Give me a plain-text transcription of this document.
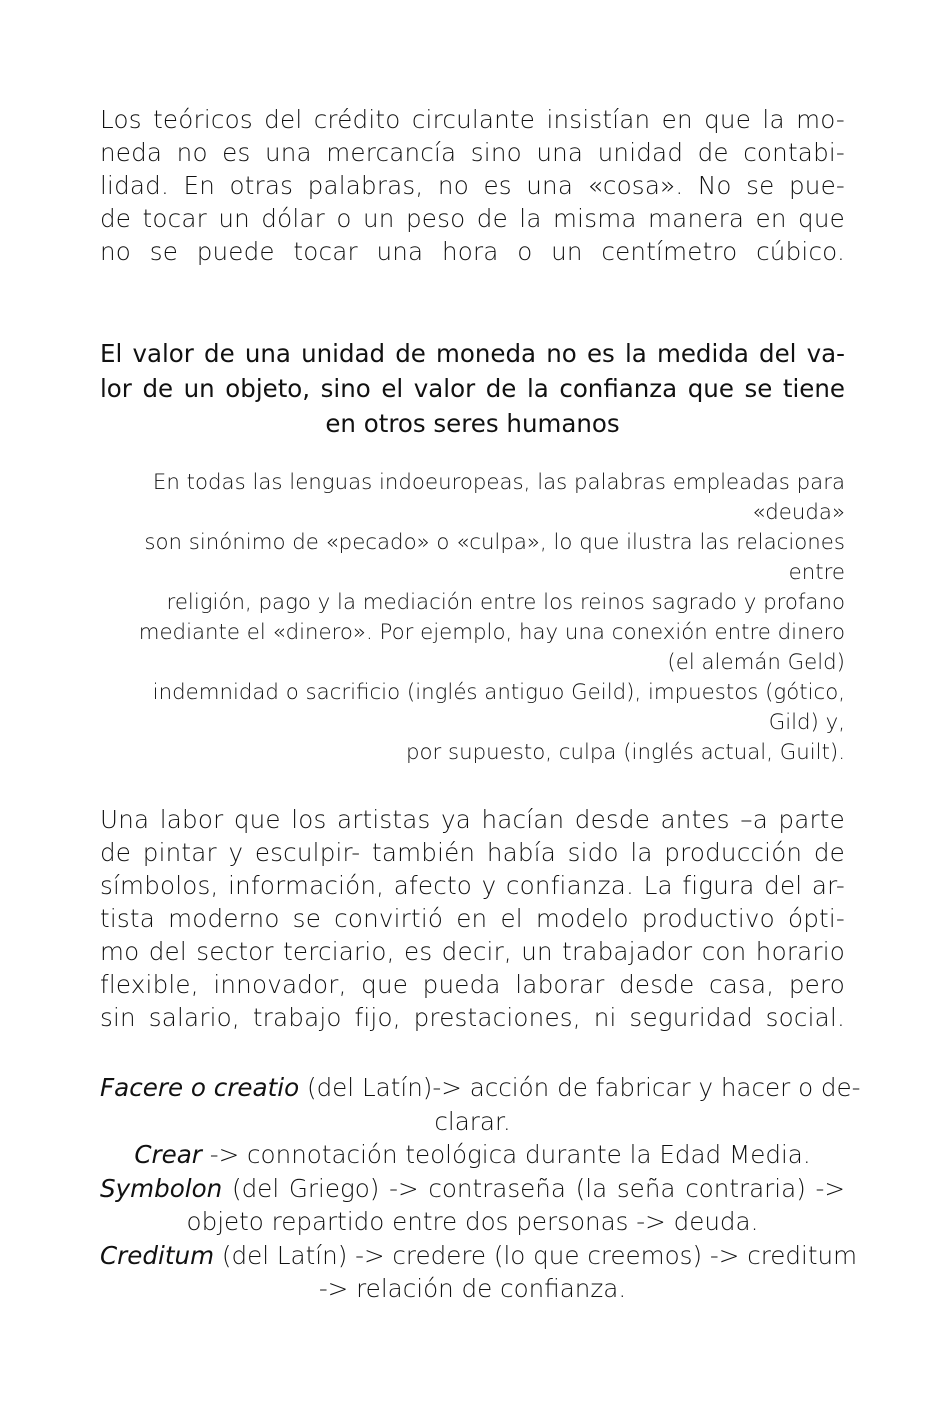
Los teóricos del crédito circulante insistían en que la mo-

neda no es una mercancía sino una unidad de contabi-

lidad. En otras palabras, no es una «cosa». No se pue-

de tocar un dólar o un peso de la misma manera en que

no se puede tocar una hora o un centímetro cúbico.

El valor de una unidad de moneda no es la medida del va-

lor de un objeto, sino el valor de la confianza que se tiene

en otros seres humanos

En todas las lenguas indoeuropeas, las palabras empleadas para

«deuda»

son sinónimo de «pecado» o «culpa», lo que ilustra las relaciones

entre

religión, pago y la mediación entre los reinos sagrado y profano

mediante el «dinero». Por ejemplo, hay una conexión entre dinero

(el alemán Geld)

indemnidad o sacrificio (inglés antiguo Geild), impuestos (gótico,

Gild) y,

por supuesto, culpa (inglés actual, Guilt).

Una labor que los artistas ya hacían desde antes –a parte

de pintar y esculpir- también había sido la producción de

símbolos, información, afecto y confianza. La figura del ar-

tista moderno se convirtió en el modelo productivo ópti-

mo del sector terciario, es decir, un trabajador con horario

flexible, innovador, que pueda laborar desde casa, pero

sin salario, trabajo fijo, prestaciones, ni seguridad social.

Facere o creatio (del Latín)-> acción de fabricar y hacer o de-

clarar.

Crear -> connotación teológica durante la Edad Media.

Symbolon (del Griego) -> contraseña (la seña contraria) ->

objeto repartido entre dos personas -> deuda.

Creditum (del Latín) -> credere (lo que creemos) -> creditum

-> relación de confianza.
